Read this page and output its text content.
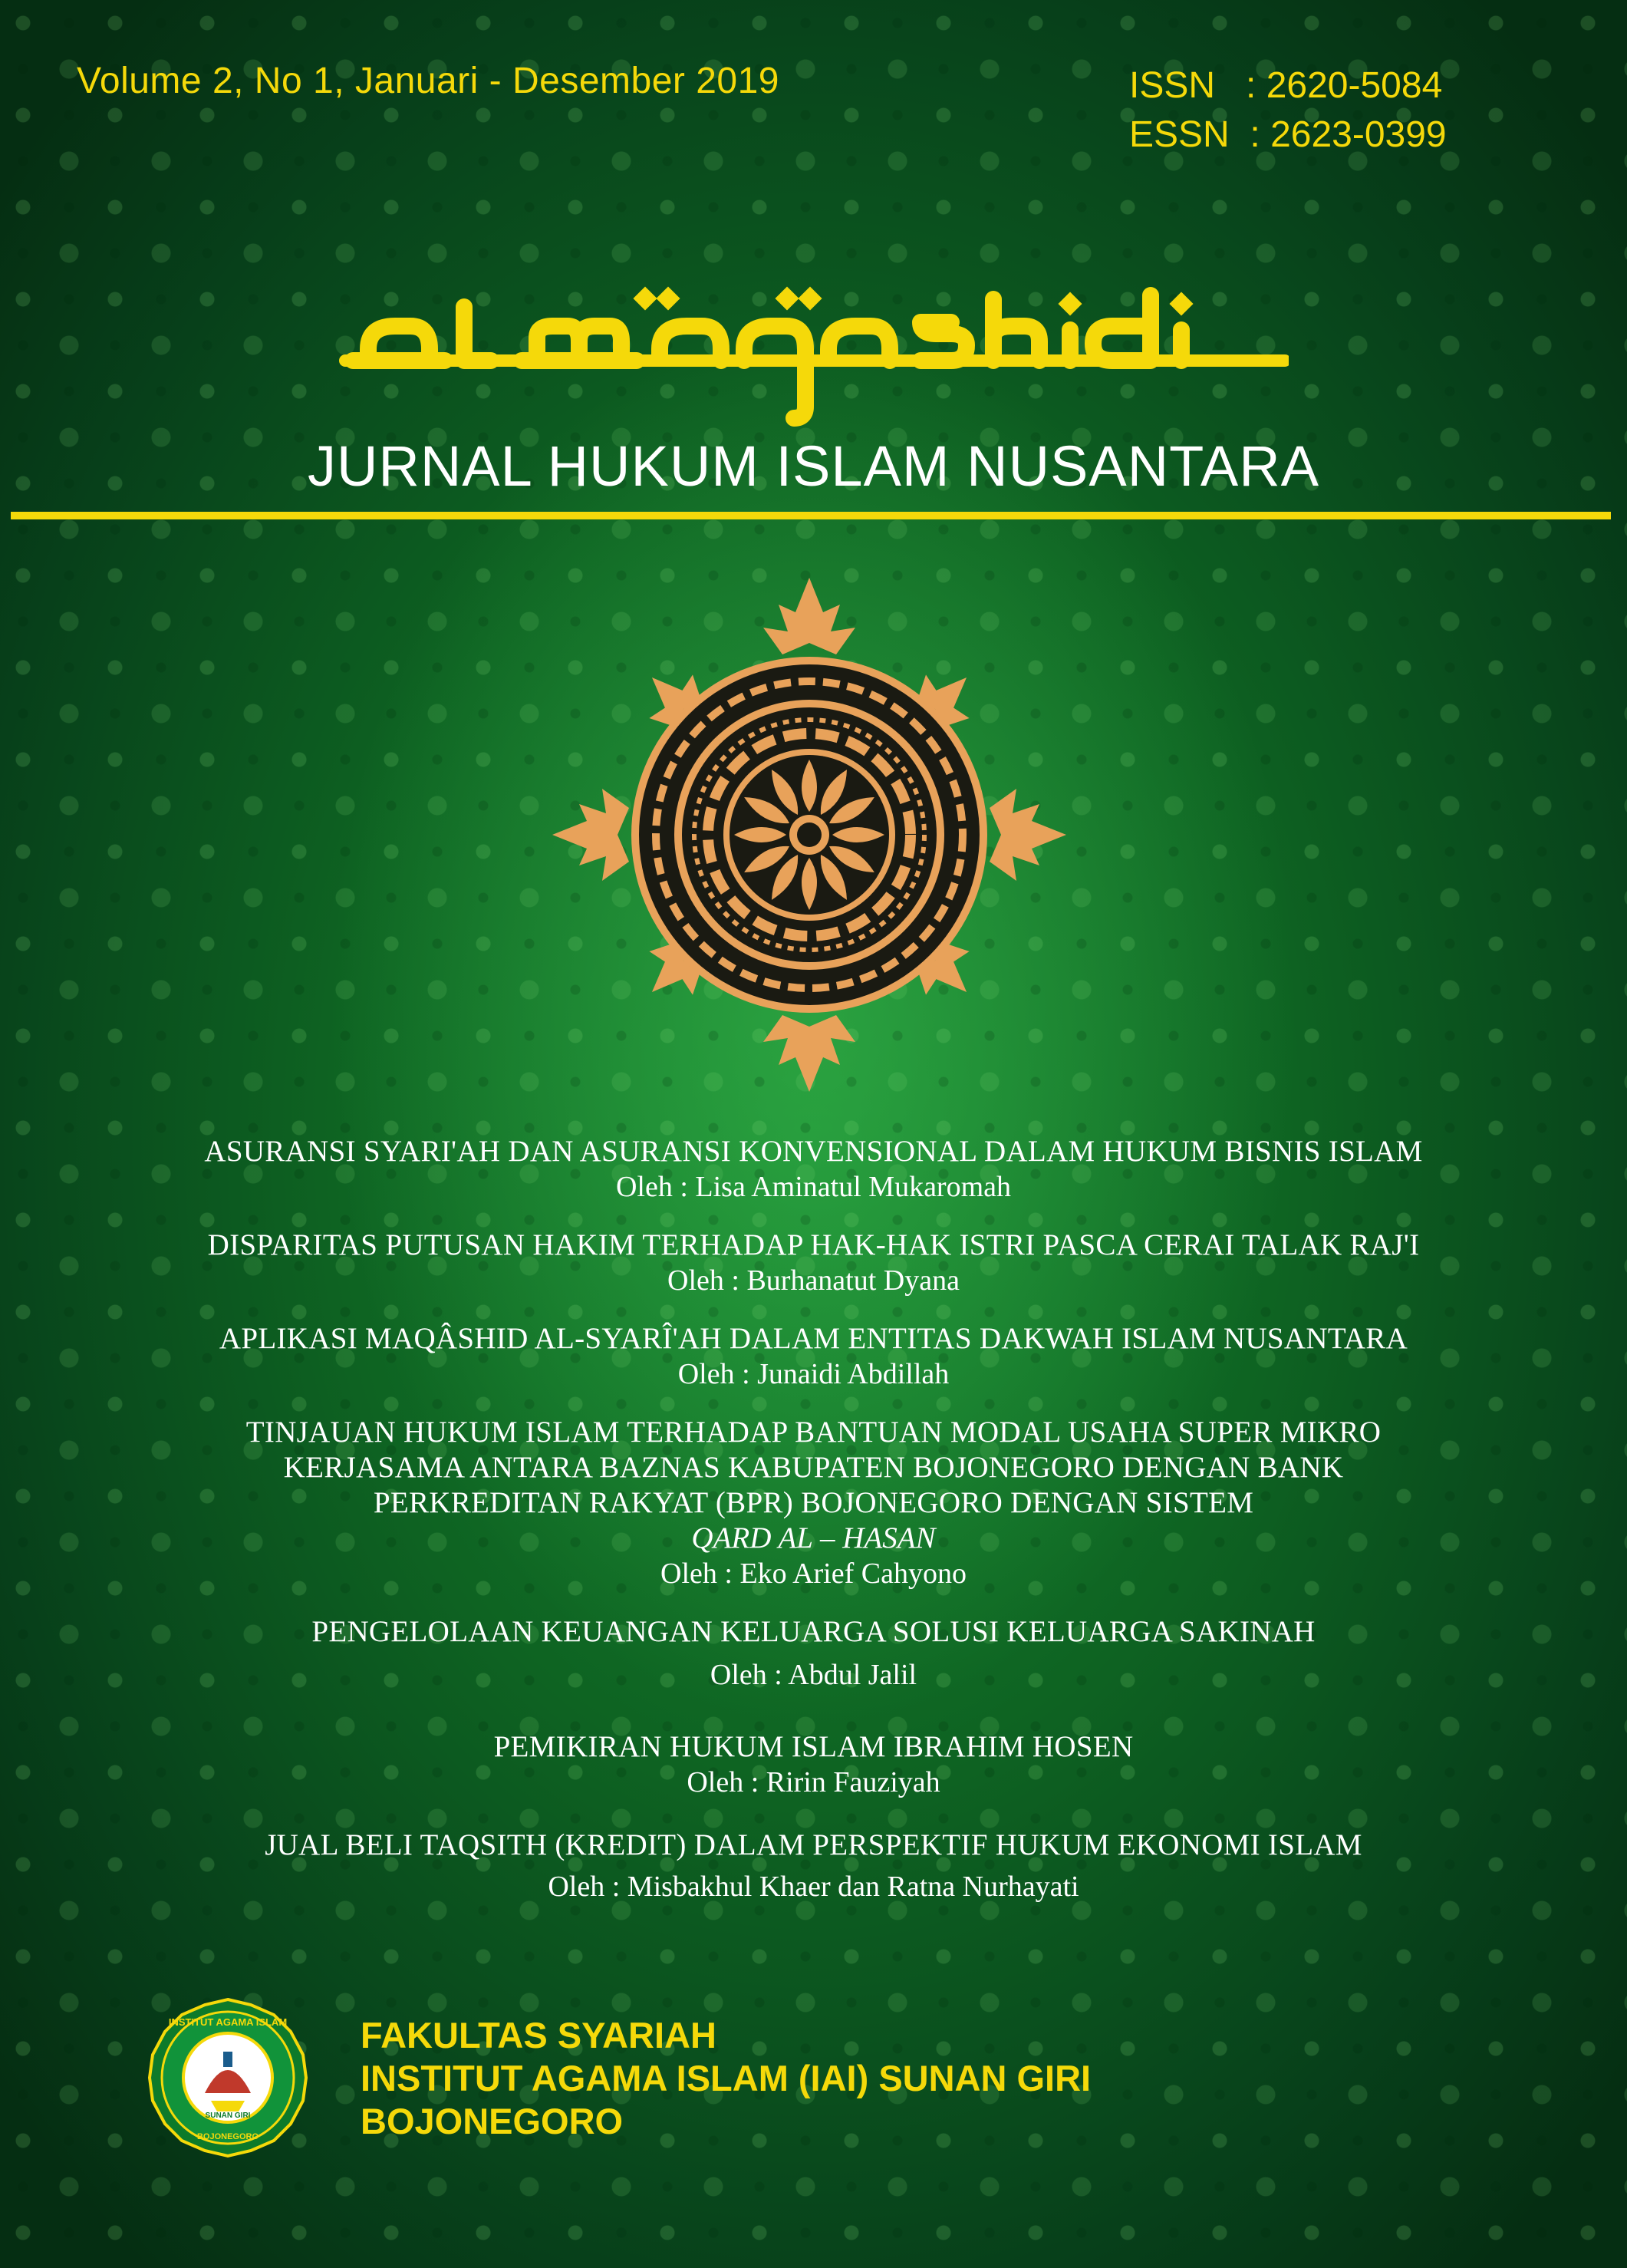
Volume 2, No 1, Januari - Desember 2019	ISSN : 2620-5084
ESSN : 2623-0399
JURNAL HUKUM ISLAM NUSANTARA
ASURANSI SYARI'AH DAN ASURANSI KONVENSIONAL DALAM HUKUM BISNIS ISLAM
Oleh : Lisa Aminatul Mukaromah
DISPARITAS PUTUSAN HAKIM TERHADAP HAK-HAK ISTRI PASCA CERAI TALAK RAJ'I
Oleh : Burhanatut Dyana
APLIKASI MAQÂSHID AL-SYARÎ'AH DALAM ENTITAS DAKWAH ISLAM NUSANTARA
Oleh : Junaidi Abdillah
TINJAUAN HUKUM ISLAM TERHADAP BANTUAN MODAL USAHA SUPER MIKRO
KERJASAMA ANTARA BAZNAS KABUPATEN BOJONEGORO DENGAN BANK
PERKREDITAN RAKYAT (BPR) BOJONEGORO DENGAN SISTEM
QARD AL – HASAN
Oleh : Eko Arief Cahyono
PENGELOLAAN KEUANGAN KELUARGA SOLUSI KELUARGA SAKINAH
Oleh : Abdul Jalil
PEMIKIRAN HUKUM ISLAM IBRAHIM HOSEN
Oleh : Ririn Fauziyah
JUAL BELI TAQSITH (KREDIT) DALAM PERSPEKTIF HUKUM EKONOMI ISLAM
Oleh : Misbakhul Khaer dan Ratna Nurhayati
INSTITUT AGAMA ISLAM
SUNAN GIRI
BOJONEGORO
FAKULTAS SYARIAH
INSTITUT AGAMA ISLAM (IAI) SUNAN GIRI
BOJONEGORO
